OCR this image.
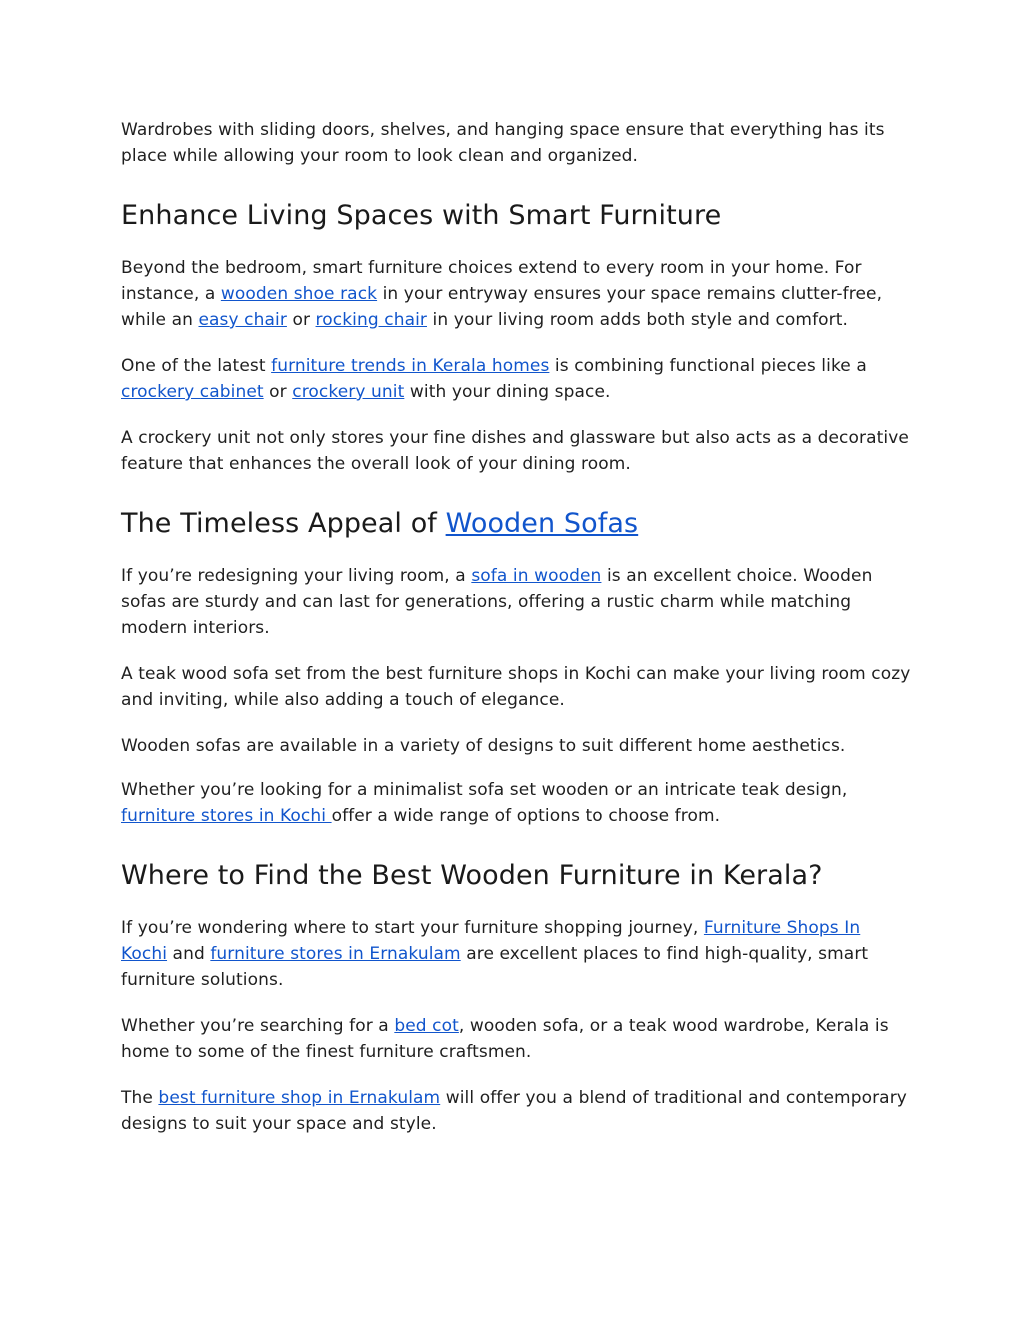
Wardrobes with sliding doors, shelves, and hanging space ensure that everything has its place while allowing your room to look clean and organized.

Enhance Living Spaces with Smart Furniture

Beyond the bedroom, smart furniture choices extend to every room in your home. For instance, a wooden shoe rack in your entryway ensures your space remains clutter-free, while an easy chair or rocking chair in your living room adds both style and comfort.

One of the latest furniture trends in Kerala homes is combining functional pieces like a crockery cabinet or crockery unit with your dining space.

A crockery unit not only stores your fine dishes and glassware but also acts as a decorative feature that enhances the overall look of your dining room.

The Timeless Appeal of Wooden Sofas

If you’re redesigning your living room, a sofa in wooden is an excellent choice. Wooden sofas are sturdy and can last for generations, offering a rustic charm while matching modern interiors.

A teak wood sofa set from the best furniture shops in Kochi can make your living room cozy and inviting, while also adding a touch of elegance.

Wooden sofas are available in a variety of designs to suit different home aesthetics.

Whether you’re looking for a minimalist sofa set wooden or an intricate teak design, furniture stores in Kochi offer a wide range of options to choose from.

Where to Find the Best Wooden Furniture in Kerala?

If you’re wondering where to start your furniture shopping journey, Furniture Shops In Kochi and furniture stores in Ernakulam are excellent places to find high-quality, smart furniture solutions.

Whether you’re searching for a bed cot, wooden sofa, or a teak wood wardrobe, Kerala is home to some of the finest furniture craftsmen.

The best furniture shop in Ernakulam will offer you a blend of traditional and contemporary designs to suit your space and style.
